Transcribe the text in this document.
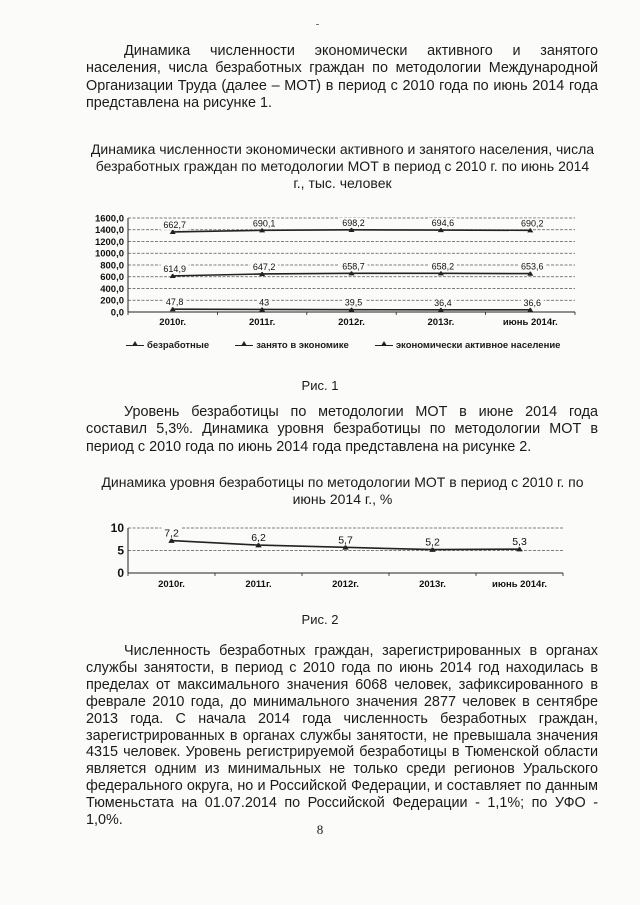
Динамика численности экономически активного и занятого населения, числа безработных граждан по методологии Международной Организации Труда (далее – МОТ) в период с 2010 года по июнь 2014 года представлена на рисунке 1.

Динамика численности экономически активного и занятого населения, числа безработных граждан по методологии МОТ в период с 2010 г. по июнь 2014 г., тыс. человек

0,0
200,0
400,0
600,0
800,0
1000,0
1200,0
1400,0
1600,0
2010г.	2011г.	2012г.	2013г.	июнь 2014г.
47,8	43	39,5	36,4	36,6
614,9	647,2	658,7	658,2	653,6
662,7	690,1	698,2	694,6	690,2
безработные	занято в экономике	экономически активное население

Рис. 1

Уровень безработицы по методологии МОТ в июне 2014 года составил 5,3%. Динамика уровня безработицы по методологии МОТ в период с 2010 года по июнь 2014 года представлена на рисунке 2.

Динамика уровня безработицы по методологии МОТ в период с 2010 г. по июнь 2014 г., %

0
5
10
2010г.	2011г.	2012г.	2013г.	июнь 2014г.
7,2	6,2	5,7	5,2	5,3

Рис. 2

Численность безработных граждан, зарегистрированных в органах службы занятости, в период с 2010 года по июнь 2014 год находилась в пределах от максимального значения 6068 человек, зафиксированного в феврале 2010 года, до минимального значения 2877 человек в сентябре 2013 года. С начала 2014 года численность безработных граждан, зарегистрированных в органах службы занятости, не превышала значения 4315 человек. Уровень регистрируемой безработицы в Тюменской области является одним из минимальных не только среди регионов Уральского федерального округа, но и Российской Федерации, и составляет по данным Тюменьстата на 01.07.2014 по Российской Федерации - 1,1%; по УФО - 1,0%.

8
